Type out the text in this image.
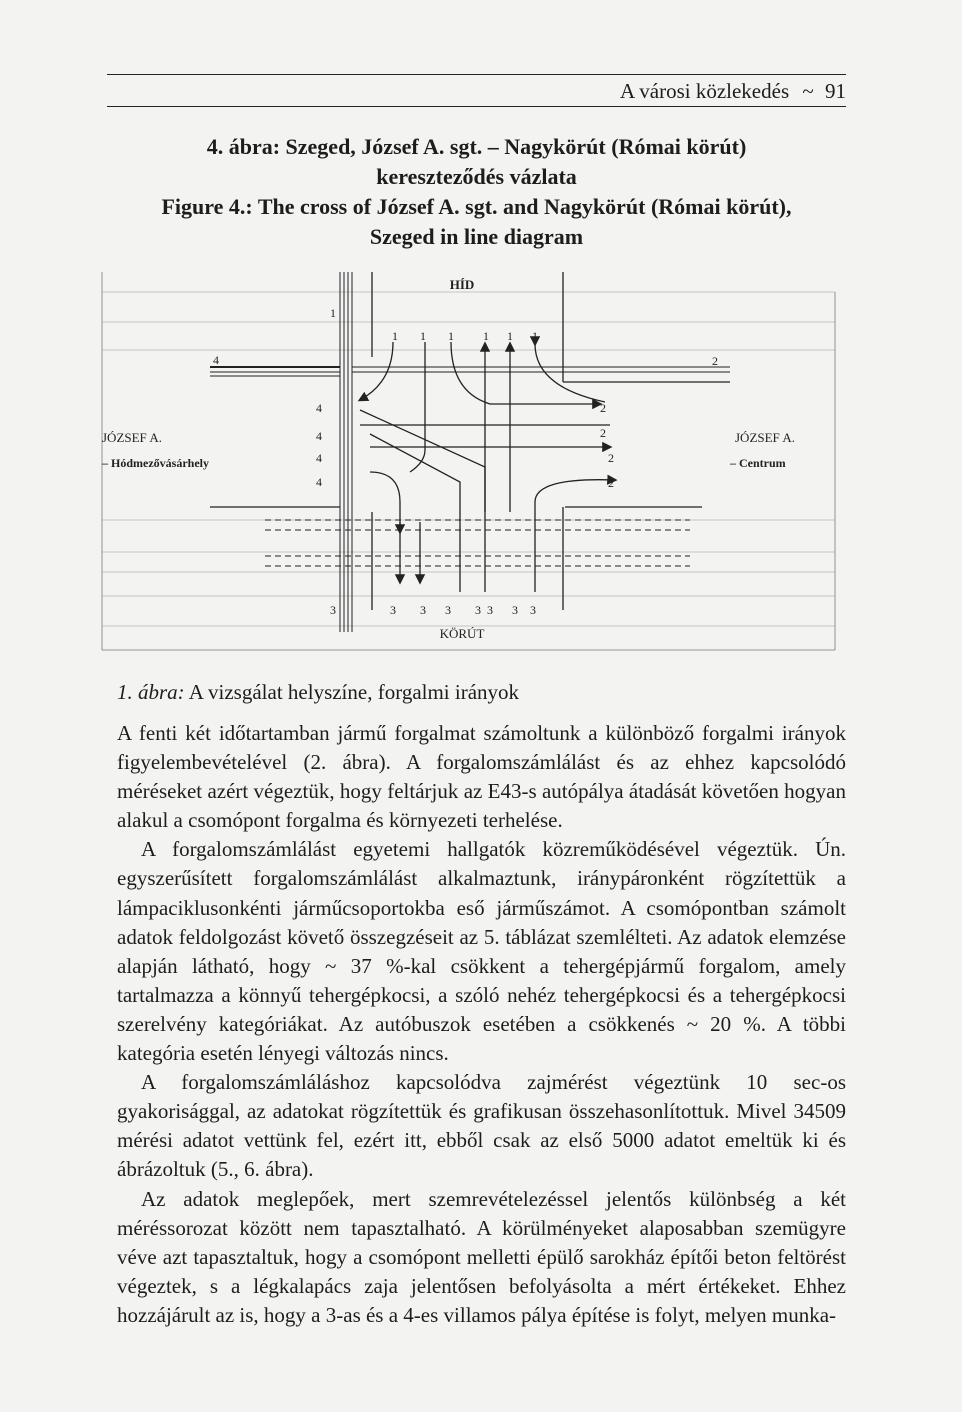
A városi közlekedés ~ 91
4. ábra: Szeged, József A. sgt. – Nagykörút (Római körút)
kereszteződés vázlata
Figure 4.: The cross of József A. sgt. and Nagykörút (Római körút),
Szeged in line diagram
HÍD
KÖRÚT
JÓZSEF A.
– Hódmezővásárhely
JÓZSEF A.
– Centrum
1
1 1 1 1 1 1
4	2
4
4
4
4
2
2
2
2
3	3 3 3 3 3 3 3
1. ábra: A vizsgálat helyszíne, forgalmi irányok

A fenti két időtartamban jármű forgalmat számoltunk a különböző forgalmi irányok figyelembevételével (2. ábra). A forgalomszámlálást és az ehhez kapcsolódó méréseket azért végeztük, hogy feltárjuk az E43-s autópálya átadását követően hogyan alakul a csomópont forgalma és környezeti terhelése.

A forgalomszámlálást egyetemi hallgatók közreműködésével végeztük. Ún. egyszerűsített forgalomszámlálást alkalmaztunk, iránypáronként rögzítettük a lámpaciklusonkénti járműcsoportokba eső járműszámot. A csomópontban számolt adatok feldolgozást követő összegzéseit az 5. táblázat szemlélteti. Az adatok elemzése alapján látható, hogy ~ 37 %-kal csökkent a tehergépjármű forgalom, amely tartalmazza a könnyű tehergépkocsi, a szóló nehéz tehergépkocsi és a tehergépkocsi szerelvény kategóriákat. Az autóbuszok esetében a csökkenés ~ 20 %. A többi kategória esetén lényegi változás nincs.

A forgalomszámláláshoz kapcsolódva zajmérést végeztünk 10 sec-os gyakorisággal, az adatokat rögzítettük és grafikusan összehasonlítottuk. Mivel 34509 mérési adatot vettünk fel, ezért itt, ebből csak az első 5000 adatot emeltük ki és ábrázoltuk (5., 6. ábra).

Az adatok meglepőek, mert szemrevételezéssel jelentős különbség a két méréssorozat között nem tapasztalható. A körülményeket alaposabban szemügyre véve azt tapasztaltuk, hogy a csomópont melletti épülő sarokház építői beton feltörést végeztek, s a légkalapács zaja jelentősen befolyásolta a mért értékeket. Ehhez hozzájárult az is, hogy a 3-as és a 4-es villamos pálya építése is folyt, melyen munka-
